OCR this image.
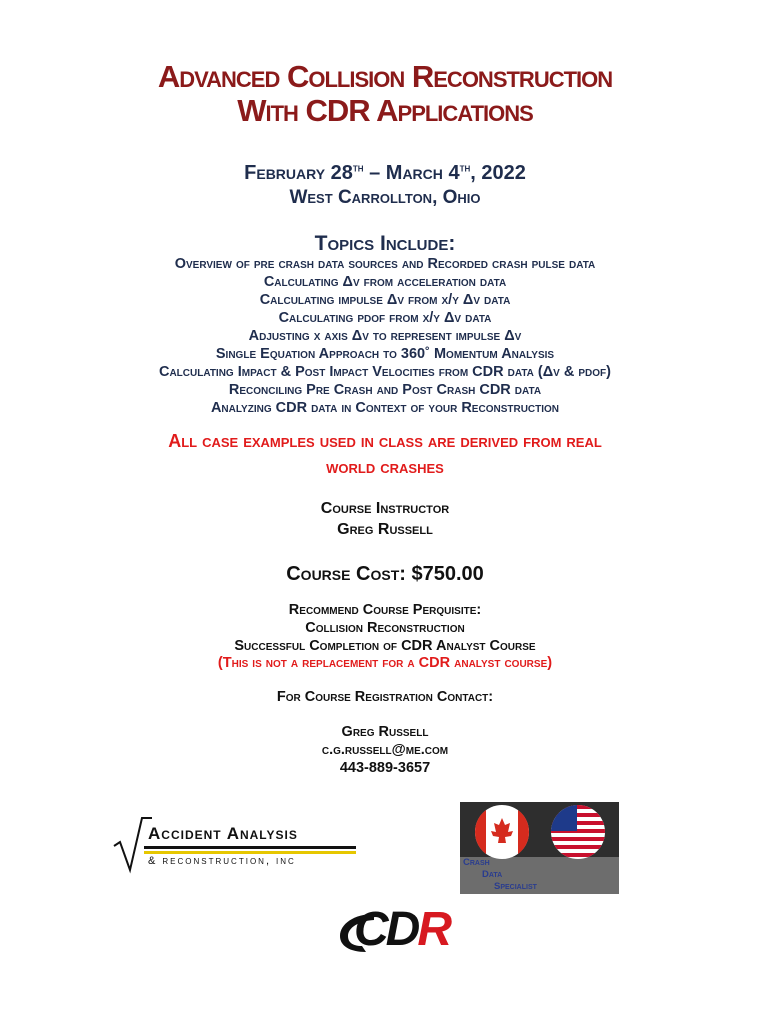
Advanced Collision Reconstruction
With CDR Applications
February 28th – March 4th, 2022
West Carrollton, Ohio
Topics Include:
Overview of pre crash data sources and Recorded crash pulse data
Calculating Δv from acceleration data
Calculating impulse Δv from x/y Δv data
Calculating pdof from x/y Δv data
Adjusting x axis Δv to represent impulse Δv
Single Equation Approach to 360˚ Momentum Analysis
Calculating Impact & Post Impact Velocities from CDR data (Δv & pdof)
Reconciling Pre Crash and Post Crash CDR data
Analyzing CDR data in Context of your Reconstruction
All case examples used in class are derived from real
world crashes
Course Instructor
Greg Russell
Course Cost: $750.00
Recommend Course Perquisite:
Collision Reconstruction
Successful Completion of CDR Analyst Course
(This is not a replacement for a CDR analyst course)
For Course Registration Contact:
Greg Russell
c.g.russell@me.com
443-889-3657
Accident Analysis
& reconstruction, inc	Crash
Data
Specialist
CDR
